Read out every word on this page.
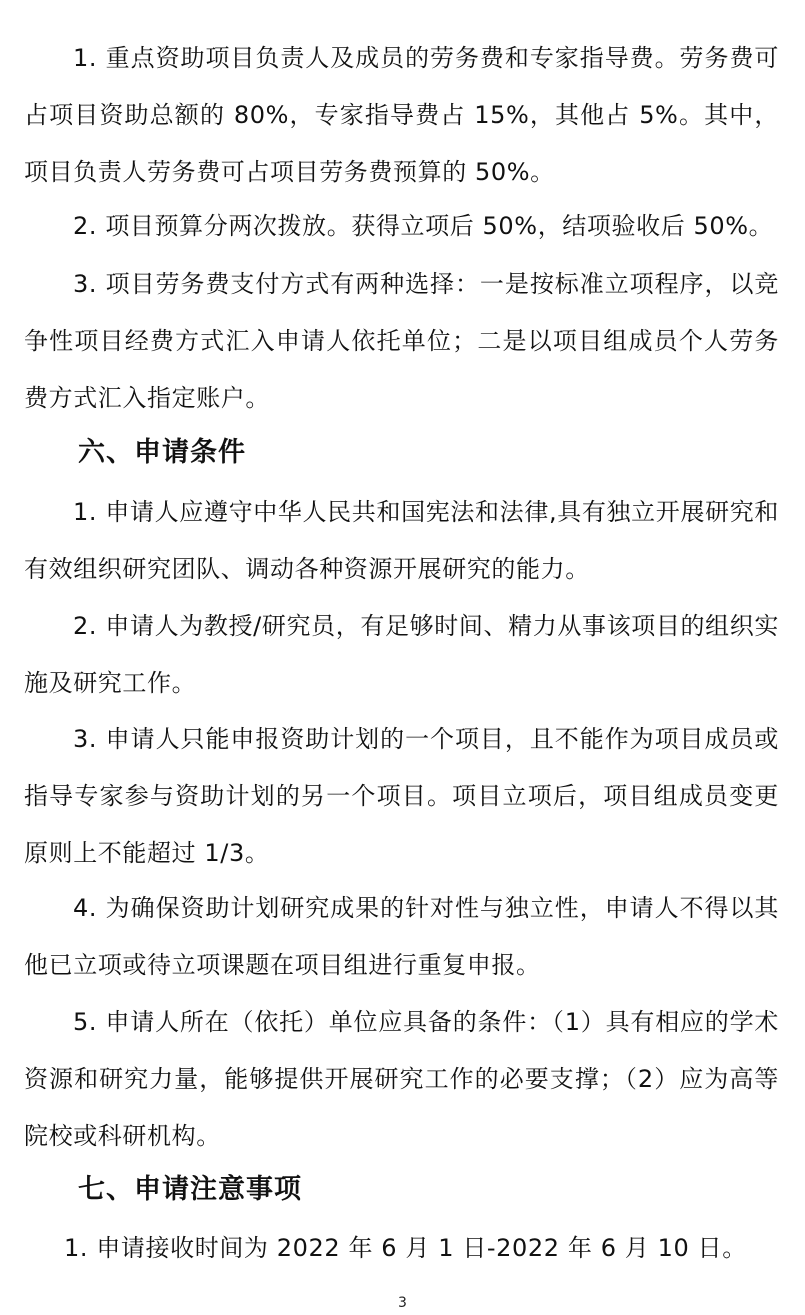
1. 重点资助项目负责人及成员的劳务费和专家指导费。劳务费可占项目资助总额的 80%，专家指导费占 15%，其他占 5%。其中，项目负责人劳务费可占项目劳务费预算的 50%。

2. 项目预算分两次拨放。获得立项后 50%，结项验收后 50%。

3. 项目劳务费支付方式有两种选择：一是按标准立项程序，以竞争性项目经费方式汇入申请人依托单位；二是以项目组成员个人劳务费方式汇入指定账户。

六、申请条件

1. 申请人应遵守中华人民共和国宪法和法律,具有独立开展研究和有效组织研究团队、调动各种资源开展研究的能力。

2. 申请人为教授/研究员，有足够时间、精力从事该项目的组织实施及研究工作。

3. 申请人只能申报资助计划的一个项目，且不能作为项目成员或指导专家参与资助计划的另一个项目。项目立项后，项目组成员变更原则上不能超过 1/3。

4. 为确保资助计划研究成果的针对性与独立性，申请人不得以其他已立项或待立项课题在项目组进行重复申报。

5. 申请人所在（依托）单位应具备的条件：（1）具有相应的学术资源和研究力量，能够提供开展研究工作的必要支撑；（2）应为高等院校或科研机构。

七、申请注意事项

1. 申请接收时间为 2022 年 6 月 1 日-2022 年 6 月 10 日。

3
